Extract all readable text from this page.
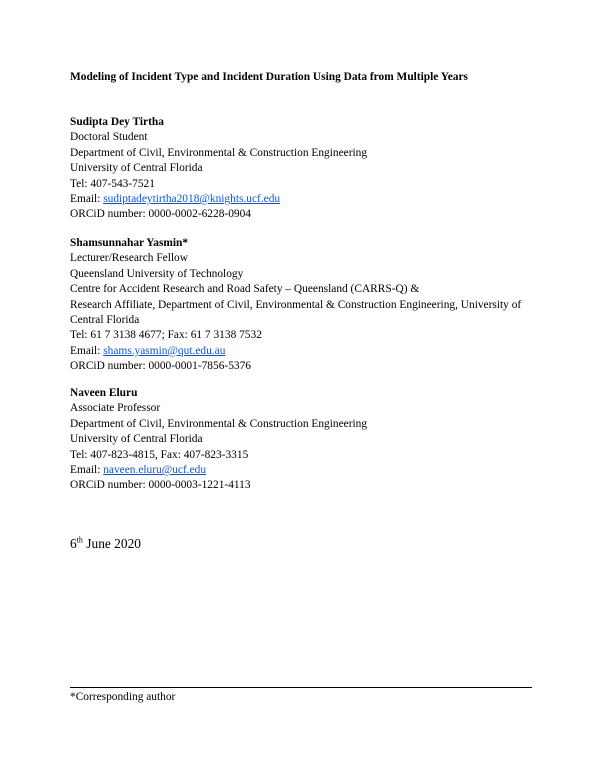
Modeling of Incident Type and Incident Duration Using Data from Multiple Years
Sudipta Dey Tirtha
Doctoral Student
Department of Civil, Environmental & Construction Engineering
University of Central Florida
Tel: 407-543-7521
Email: sudiptadeytirtha2018@knights.ucf.edu
ORCiD number: 0000-0002-6228-0904
Shamsunnahar Yasmin*
Lecturer/Research Fellow
Queensland University of Technology
Centre for Accident Research and Road Safety – Queensland (CARRS-Q) &
Research Affiliate, Department of Civil, Environmental & Construction Engineering, University of Central Florida
Tel: 61 7 3138 4677; Fax: 61 7 3138 7532
Email: shams.yasmin@qut.edu.au
ORCiD number: 0000-0001-7856-5376
Naveen Eluru
Associate Professor
Department of Civil, Environmental & Construction Engineering
University of Central Florida
Tel: 407-823-4815, Fax: 407-823-3315
Email: naveen.eluru@ucf.edu
ORCiD number: 0000-0003-1221-4113
6th June 2020
*Corresponding author
